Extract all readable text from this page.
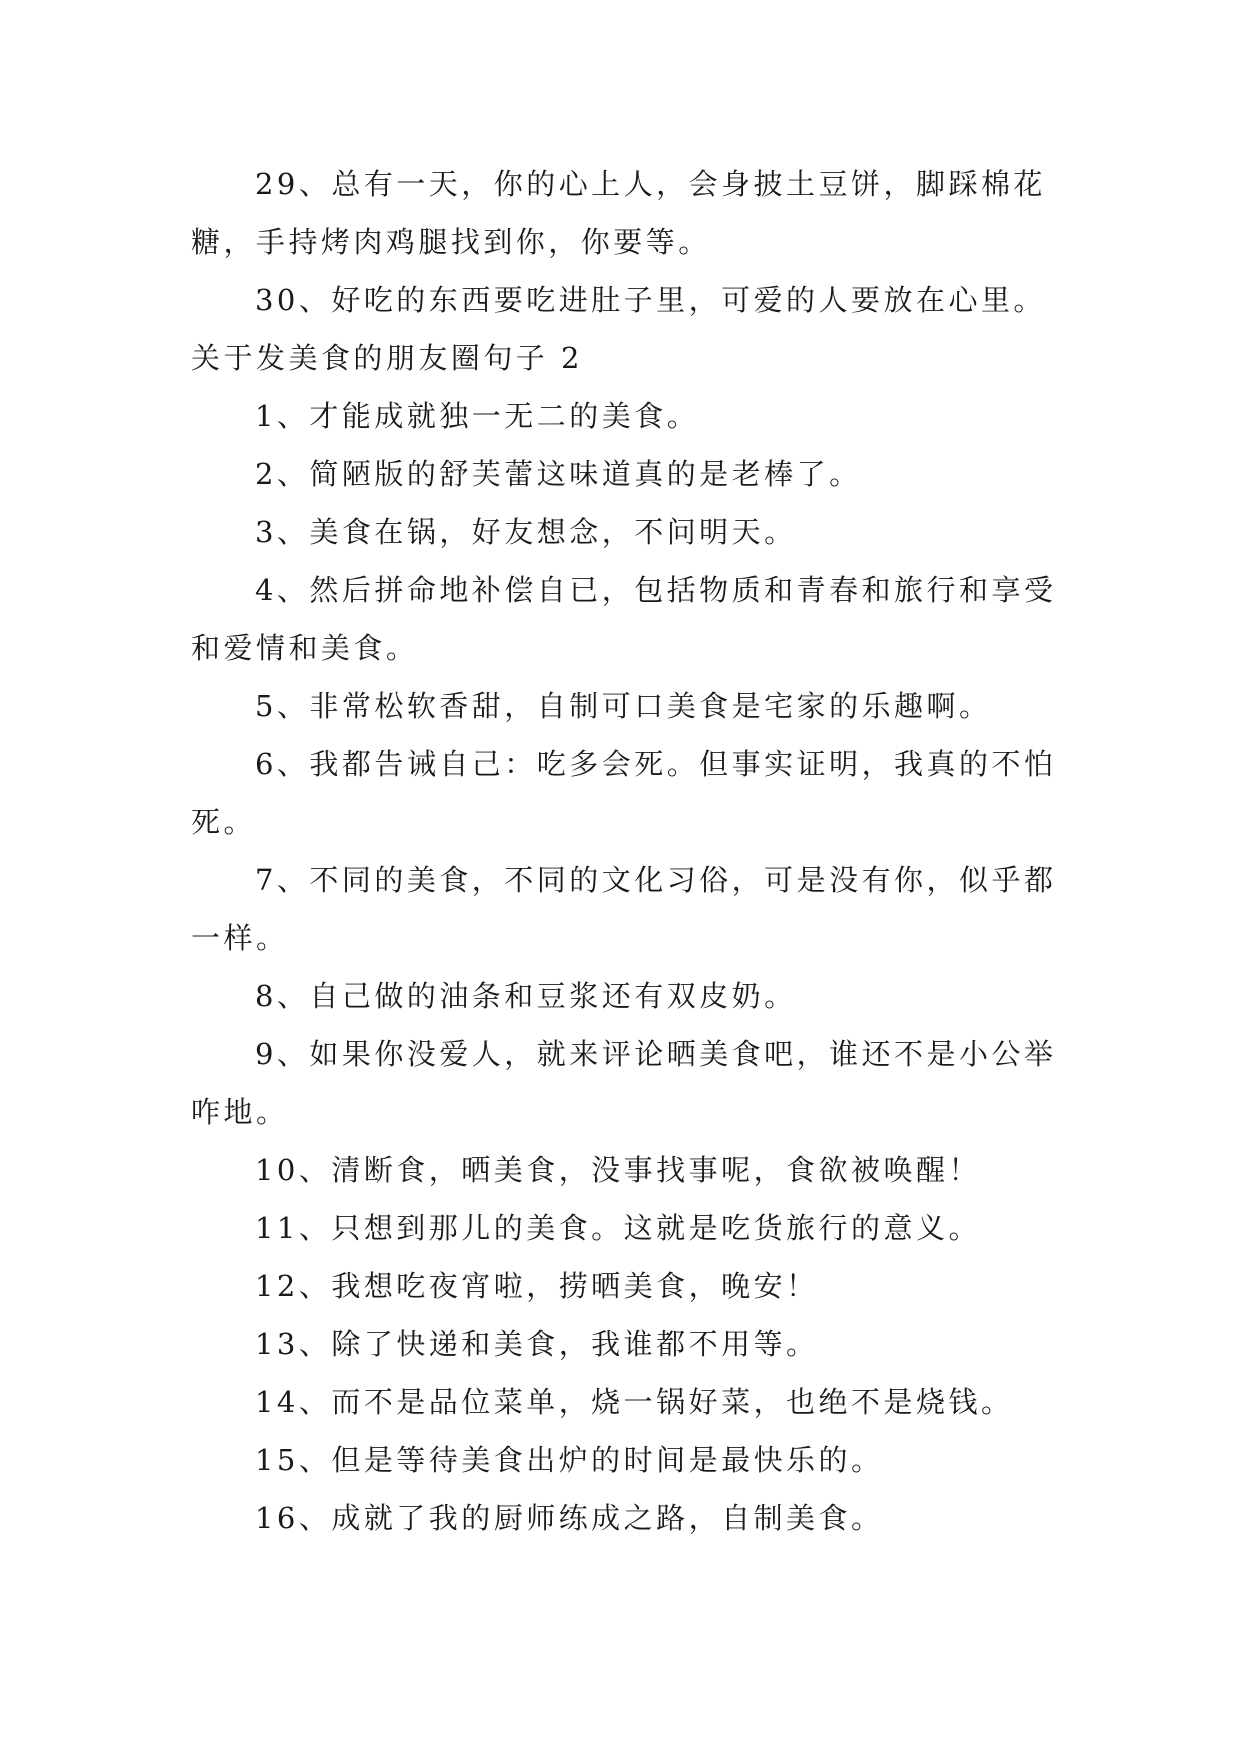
29、总有一天，你的心上人，会身披土豆饼，脚踩棉花糖，手持烤肉鸡腿找到你，你要等。

30、好吃的东西要吃进肚子里，可爱的人要放在心里。

关于发美食的朋友圈句子 2

1、才能成就独一无二的美食。

2、简陋版的舒芙蕾这味道真的是老棒了。

3、美食在锅，好友想念，不问明天。

4、然后拼命地补偿自已，包括物质和青春和旅行和享受和爱情和美食。

5、非常松软香甜，自制可口美食是宅家的乐趣啊。

6、我都告诫自己：吃多会死。但事实证明，我真的不怕死。

7、不同的美食，不同的文化习俗，可是没有你，似乎都一样。

8、自己做的油条和豆浆还有双皮奶。

9、如果你没爱人，就来评论晒美食吧，谁还不是小公举咋地。

10、清断食，晒美食，没事找事呢，食欲被唤醒！

11、只想到那儿的美食。这就是吃货旅行的意义。

12、我想吃夜宵啦，捞晒美食，晚安！

13、除了快递和美食，我谁都不用等。

14、而不是品位菜单，烧一锅好菜，也绝不是烧钱。

15、但是等待美食出炉的时间是最快乐的。

16、成就了我的厨师练成之路，自制美食。
